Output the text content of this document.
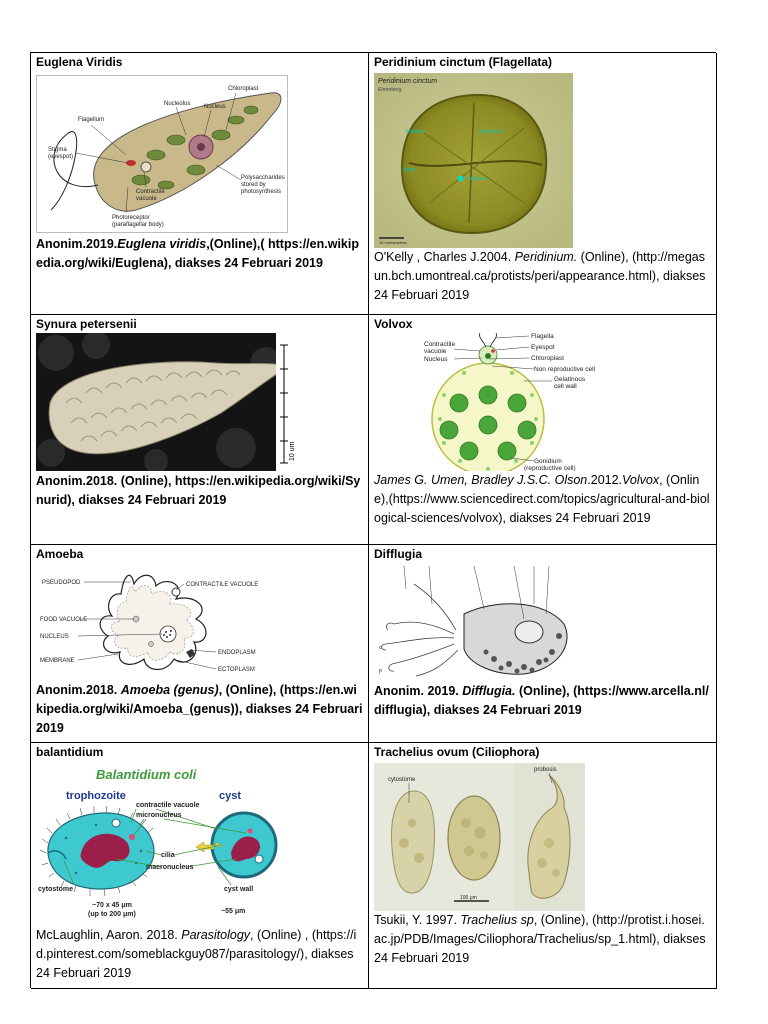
Euglena Viridis
Flagellum
Nucleolus Nucleus
Chloroplast
Stigma
(eyespot)
Contractile
vacuole
Polysaccharides
stored by
photosynthesis
Photoreceptor
(paraflagellar body)
Anonim.2019.Euglena viridis,(Online),( https://en.wikipedia.org/wiki/Euglena), diakses 24 Februari 2019
Peridinium cinctum (Flagellata)
Epitheca	Hypotheca
Suture
Cingulum
Peridinium cinctum
Ehrenberg
10 micrometres
O'Kelly , Charles J.2004. Peridinium. (Online), (http://megasun.bch.umontreal.ca/protists/peri/appearance.html), diakses 24 Februari 2019
Synura petersenii
10 um
Anonim.2018. (Online), https://en.wikipedia.org/wiki/Synurid), diakses 24 Februari 2019
Volvox
Flagella
Contractile
vacuole
Eyespot
Nucleus	Chloroplast
Non reproductive cell
Gelatinous
cell wall
Gonidium
(reproductive cell)
James G. Umen, Bradley J.S.C. Olson.2012.Volvox, (Online),(https://www.sciencedirect.com/topics/agricultural-and-biological-sciences/volvox), diakses 24 Februari 2019
Amoeba
PSEUDOPOD	CONTRACTILE VACUOLE
FOOD VACUOLE
NUCLEUS
ENDOPLASM
MEMBRANE
ECTOPLASM
Anonim.2018. Amoeba (genus), (Online), (https://en.wikipedia.org/wiki/Amoeba_(genus)), diakses 24 Februari 2019
Difflugia
c
p
Anonim. 2019. Difflugia. (Online), (https://www.arcella.nl/difflugia), diakses 24 Februari 2019
balantidium
Balantidium coli
trophozoite	cyst
contractile vacuole
micronucleus
cilia
macronucleus
cytostome	cyst wall
~70 x 45 μm
(up to 200 μm)	~55 μm
McLaughlin, Aaron. 2018. Parasitology, (Online) , (https://id.pinterest.com/someblackguy087/parasitology/), diakses 24 Februari 2019
Trachelius ovum (Ciliophora)
cytostome
probosis
100 μm
Tsukii, Y. 1997. Trachelius sp, (Online), (http://protist.i.hosei.ac.jp/PDB/Images/Ciliophora/Trachelius/sp_1.html), diakses 24 Februari 2019
